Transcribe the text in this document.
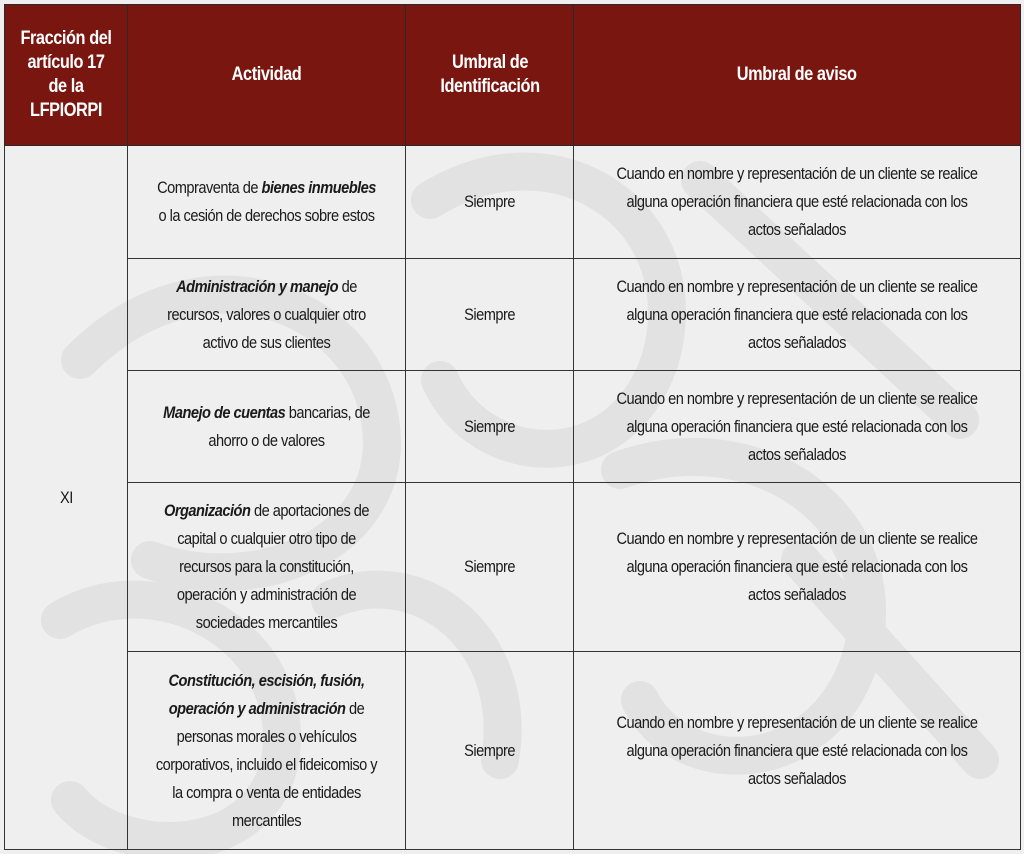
Fracción del artículo 17 de la LFPIORPI	Actividad	Umbral de Identificación	Umbral de aviso
XI	Compraventa de bienes inmuebles o la cesión de derechos sobre estos	Siempre	Cuando en nombre y representación de un cliente se realice alguna operación financiera que esté relacionada con los actos señalados
	Administración y manejo de recursos, valores o cualquier otro activo de sus clientes	Siempre	Cuando en nombre y representación de un cliente se realice alguna operación financiera que esté relacionada con los actos señalados
	Manejo de cuentas bancarias, de ahorro o de valores	Siempre	Cuando en nombre y representación de un cliente se realice alguna operación financiera que esté relacionada con los actos señalados
	Organización de aportaciones de capital o cualquier otro tipo de recursos para la constitución, operación y administración de sociedades mercantiles	Siempre	Cuando en nombre y representación de un cliente se realice alguna operación financiera que esté relacionada con los actos señalados
	Constitución, escisión, fusión, operación y administración de personas morales o vehículos corporativos, incluido el fideicomiso y la compra o venta de entidades mercantiles	Siempre	Cuando en nombre y representación de un cliente se realice alguna operación financiera que esté relacionada con los actos señalados
